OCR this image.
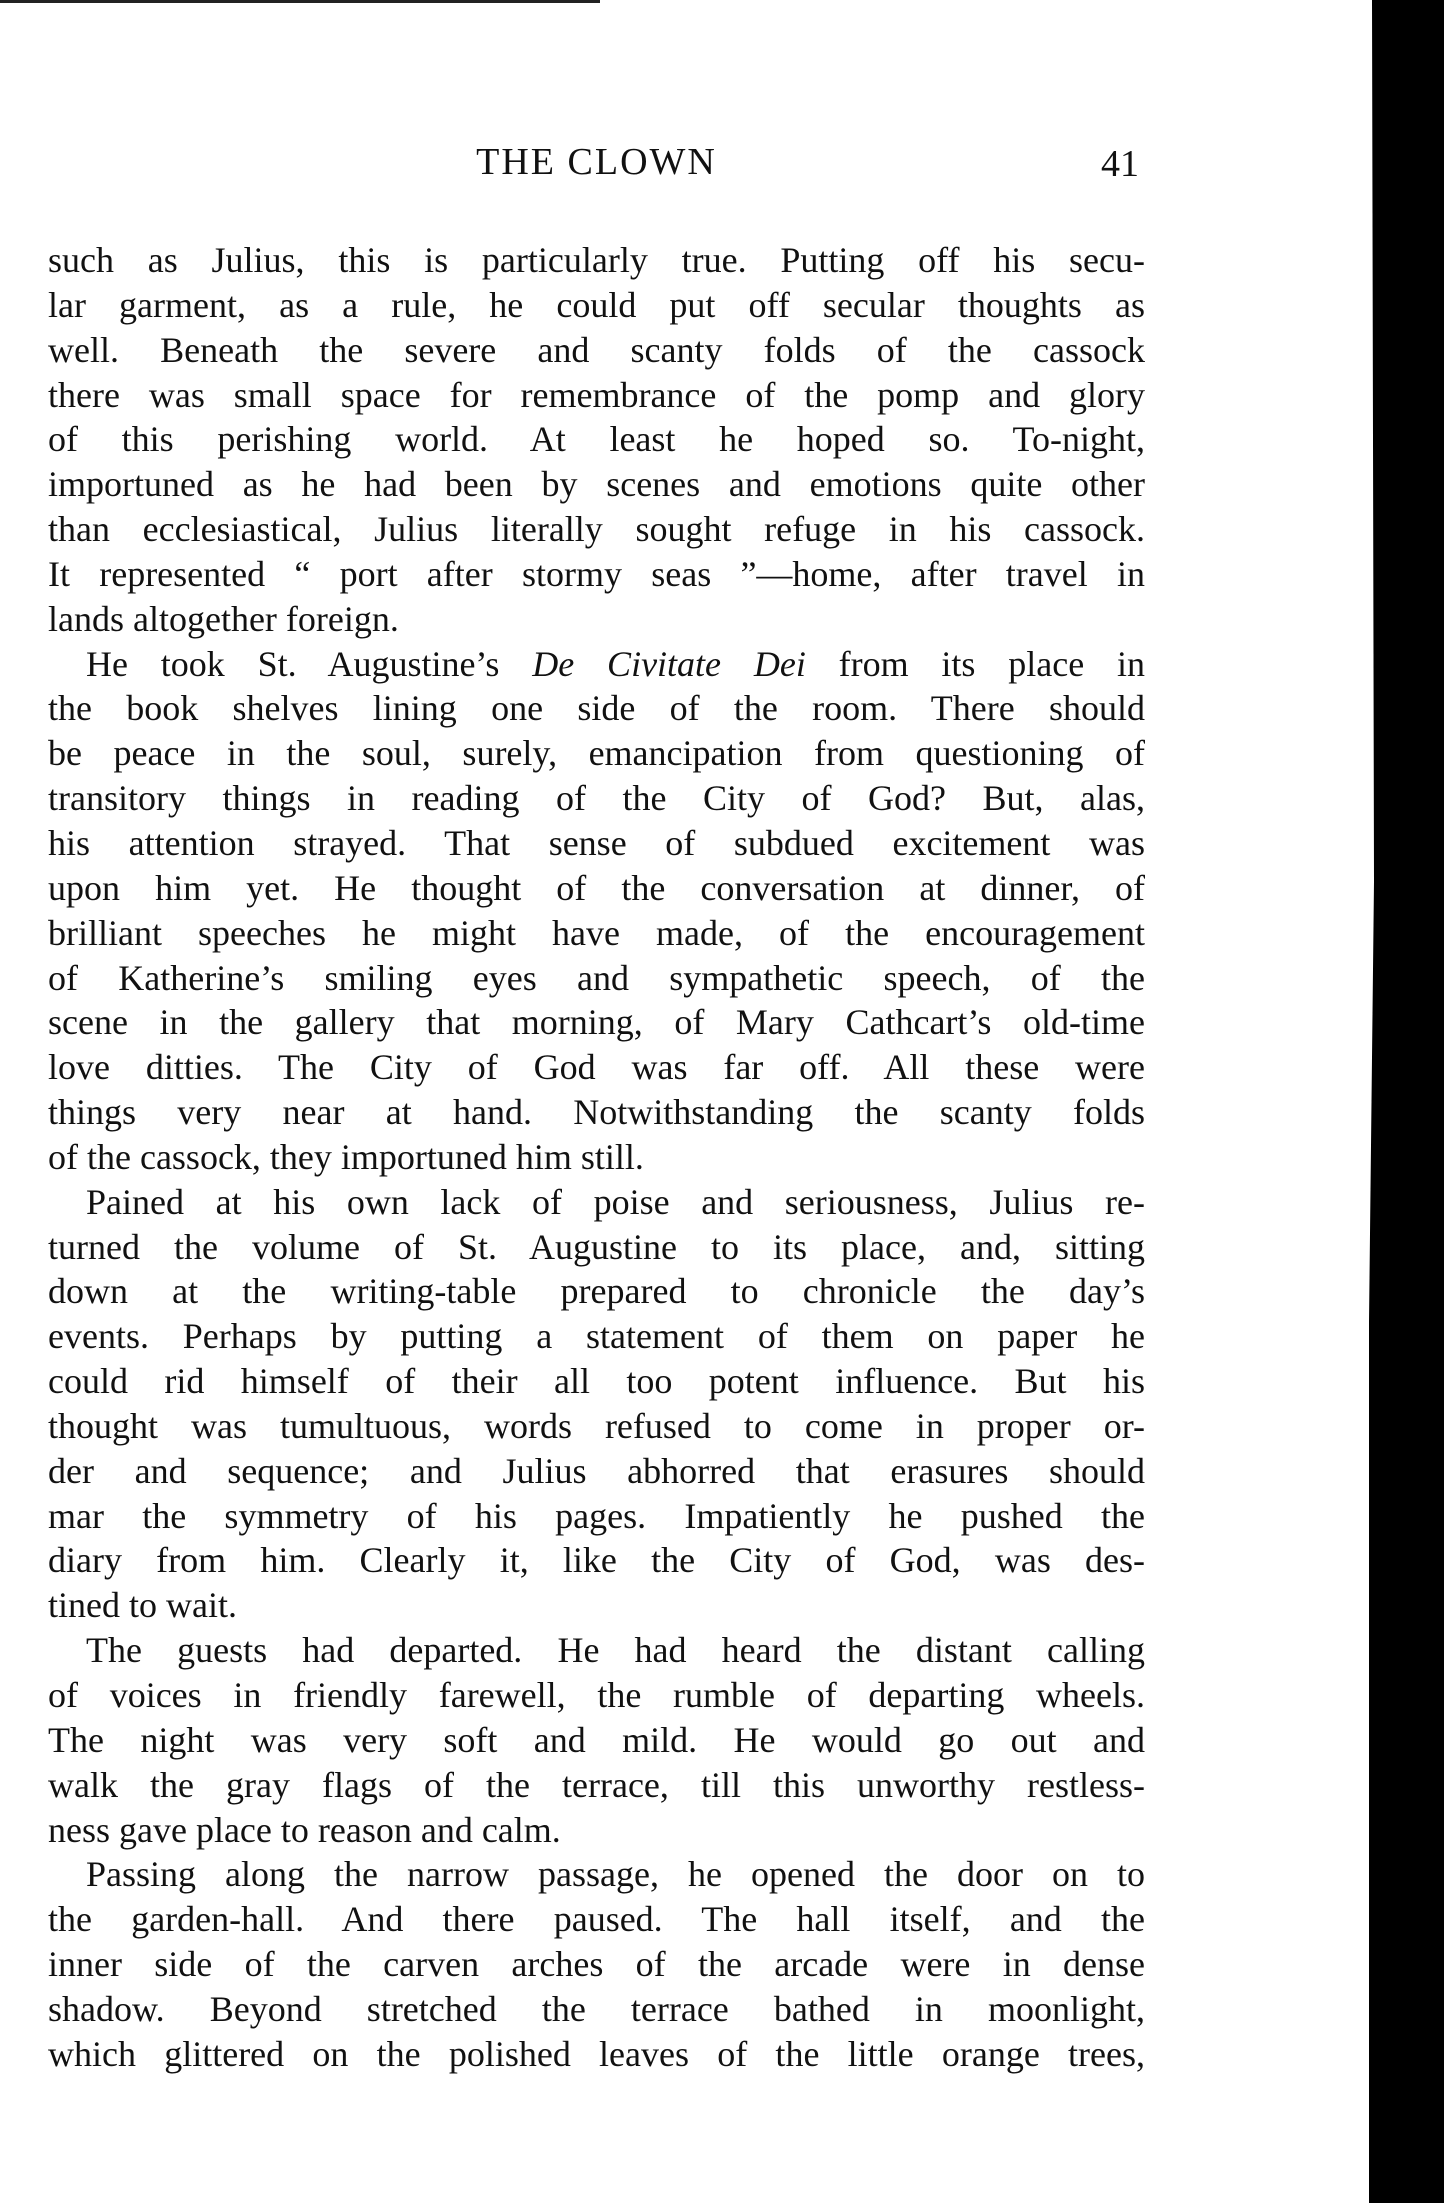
THE CLOWN	41
such as Julius, this is particularly true. Putting off his secu-
lar garment, as a rule, he could put off secular thoughts as
well. Beneath the severe and scanty folds of the cassock
there was small space for remembrance of the pomp and glory
of this perishing world. At least he hoped so. To-night,
importuned as he had been by scenes and emotions quite other
than ecclesiastical, Julius literally sought refuge in his cassock.
It represented “ port after stormy seas ”—home, after travel in
lands altogether foreign.
He took St. Augustine’s De Civitate Dei from its place in
the book shelves lining one side of the room. There should
be peace in the soul, surely, emancipation from questioning of
transitory things in reading of the City of God? But, alas,
his attention strayed. That sense of subdued excitement was
upon him yet. He thought of the conversation at dinner, of
brilliant speeches he might have made, of the encouragement
of Katherine’s smiling eyes and sympathetic speech, of the
scene in the gallery that morning, of Mary Cathcart’s old-time
love ditties. The City of God was far off. All these were
things very near at hand. Notwithstanding the scanty folds
of the cassock, they importuned him still.
Pained at his own lack of poise and seriousness, Julius re-
turned the volume of St. Augustine to its place, and, sitting
down at the writing-table prepared to chronicle the day’s
events. Perhaps by putting a statement of them on paper he
could rid himself of their all too potent influence. But his
thought was tumultuous, words refused to come in proper or-
der and sequence; and Julius abhorred that erasures should
mar the symmetry of his pages. Impatiently he pushed the
diary from him. Clearly it, like the City of God, was des-
tined to wait.
The guests had departed. He had heard the distant calling
of voices in friendly farewell, the rumble of departing wheels.
The night was very soft and mild. He would go out and
walk the gray flags of the terrace, till this unworthy restless-
ness gave place to reason and calm.
Passing along the narrow passage, he opened the door on to
the garden-hall. And there paused. The hall itself, and the
inner side of the carven arches of the arcade were in dense
shadow. Beyond stretched the terrace bathed in moonlight,
which glittered on the polished leaves of the little orange trees,
